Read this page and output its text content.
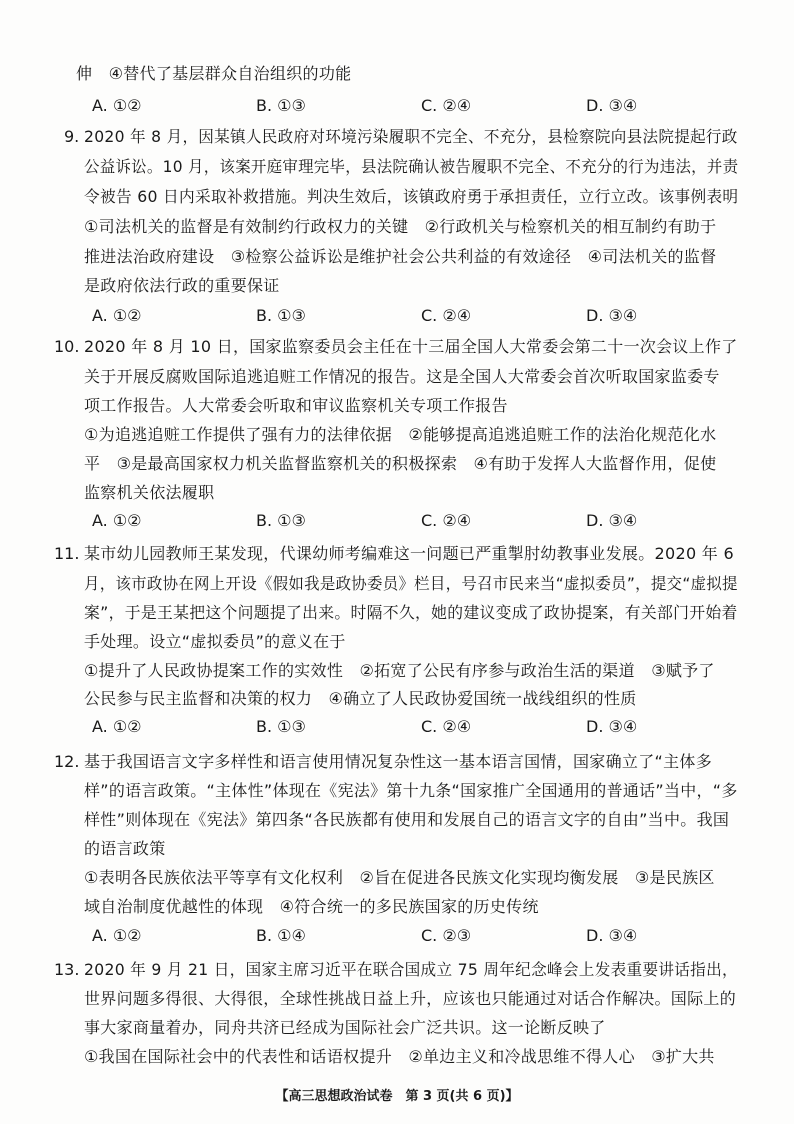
伸　④替代了基层群众自治组织的功能
A. ①②	B. ①③	C. ②④	D. ③④
9. 2020 年 8 月，因某镇人民政府对环境污染履职不完全、不充分，县检察院向县法院提起行政
公益诉讼。10 月，该案开庭审理完毕，县法院确认被告履职不完全、不充分的行为违法，并责
令被告 60 日内采取补救措施。判决生效后，该镇政府勇于承担责任，立行立改。该事例表明
①司法机关的监督是有效制约行政权力的关键　②行政机关与检察机关的相互制约有助于
推进法治政府建设　③检察公益诉讼是维护社会公共利益的有效途径　④司法机关的监督
是政府依法行政的重要保证
A. ①②	B. ①③	C. ②④	D. ③④
10. 2020 年 8 月 10 日，国家监察委员会主任在十三届全国人大常委会第二十一次会议上作了
关于开展反腐败国际追逃追赃工作情况的报告。这是全国人大常委会首次听取国家监委专
项工作报告。人大常委会听取和审议监察机关专项工作报告
①为追逃追赃工作提供了强有力的法律依据　②能够提高追逃追赃工作的法治化规范化水
平　③是最高国家权力机关监督监察机关的积极探索　④有助于发挥人大监督作用，促使
监察机关依法履职
A. ①②	B. ①③	C. ②④	D. ③④
11. 某市幼儿园教师王某发现，代课幼师考编难这一问题已严重掣肘幼教事业发展。2020 年 6
月，该市政协在网上开设《假如我是政协委员》栏目，号召市民来当“虚拟委员”，提交“虚拟提
案”，于是王某把这个问题提了出来。时隔不久，她的建议变成了政协提案，有关部门开始着
手处理。设立“虚拟委员”的意义在于
①提升了人民政协提案工作的实效性　②拓宽了公民有序参与政治生活的渠道　③赋予了
公民参与民主监督和决策的权力　④确立了人民政协爱国统一战线组织的性质
A. ①②	B. ①③	C. ②④	D. ③④
12. 基于我国语言文字多样性和语言使用情况复杂性这一基本语言国情，国家确立了“主体多
样”的语言政策。“主体性”体现在《宪法》第十九条“国家推广全国通用的普通话”当中，“多
样性”则体现在《宪法》第四条“各民族都有使用和发展自己的语言文字的自由”当中。我国
的语言政策
①表明各民族依法平等享有文化权利　②旨在促进各民族文化实现均衡发展　③是民族区
域自治制度优越性的体现　④符合统一的多民族国家的历史传统
A. ①②	B. ①④	C. ②③	D. ③④
13. 2020 年 9 月 21 日，国家主席习近平在联合国成立 75 周年纪念峰会上发表重要讲话指出，
世界问题多得很、大得很，全球性挑战日益上升，应该也只能通过对话合作解决。国际上的
事大家商量着办，同舟共济已经成为国际社会广泛共识。这一论断反映了
①我国在国际社会中的代表性和话语权提升　②单边主义和冷战思维不得人心　③扩大共
【高三思想政治试卷　第 3 页(共 6 页)】
